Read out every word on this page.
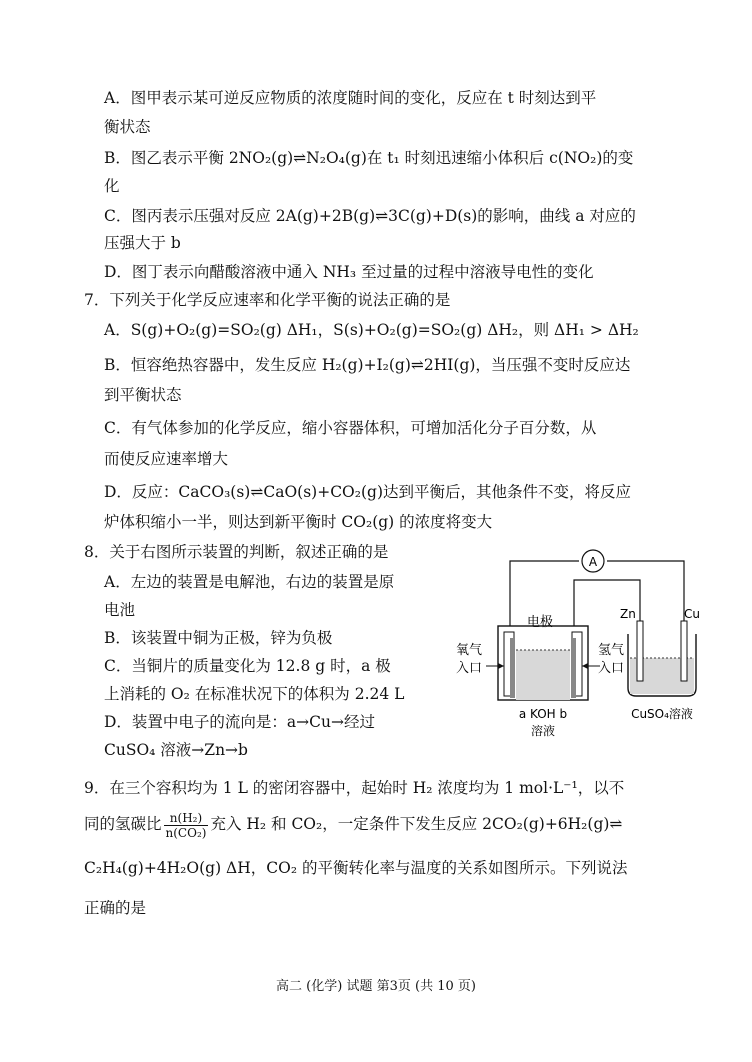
A．图甲表示某可逆反应物质的浓度随时间的变化，反应在 t 时刻达到平
衡状态
B．图乙表示平衡 2NO₂(g)⇌N₂O₄(g)在 t₁ 时刻迅速缩小体积后 c(NO₂)的变
化
C．图丙表示压强对反应 2A(g)+2B(g)⇌3C(g)+D(s)的影响，曲线 a 对应的
压强大于 b
D．图丁表示向醋酸溶液中通入 NH₃ 至过量的过程中溶液导电性的变化
7．下列关于化学反应速率和化学平衡的说法正确的是
A．S(g)+O₂(g)=SO₂(g) ΔH₁，S(s)+O₂(g)=SO₂(g) ΔH₂，则 ΔH₁ > ΔH₂
B．恒容绝热容器中，发生反应 H₂(g)+I₂(g)⇌2HI(g)，当压强不变时反应达
到平衡状态
C．有气体参加的化学反应，缩小容器体积，可增加活化分子百分数，从
而使反应速率增大
D．反应：CaCO₃(s)⇌CaO(s)+CO₂(g)达到平衡后，其他条件不变，将反应
炉体积缩小一半，则达到新平衡时 CO₂(g) 的浓度将变大
8．关于右图所示装置的判断，叙述正确的是
A．左边的装置是电解池，右边的装置是原
电池
B．该装置中铜为正极，锌为负极
C．当铜片的质量变化为 12.8 g 时，a 极
上消耗的 O₂ 在标准状况下的体积为 2.24 L
D．装置中电子的流向是：a→Cu→经过
CuSO₄ 溶液→Zn→b
A
电极
氧气
入口
氢气
入口
a KOH b
溶液
Zn	Cu
CuSO₄溶液
9．在三个容积均为 1 L 的密闭容器中，起始时 H₂ 浓度均为 1 mol·L⁻¹，以不
同的氢碳比 $\frac{\text{n(H₂)}}{\text{n(CO₂)}}$ 充入 H₂ 和 CO₂，一定条件下发生反应 2CO₂(g)+6H₂(g)⇌
C₂H₄(g)+4H₂O(g) ΔH，CO₂ 的平衡转化率与温度的关系如图所示。下列说法
正确的是
高二 (化学) 试题 第3页 (共 10 页)
